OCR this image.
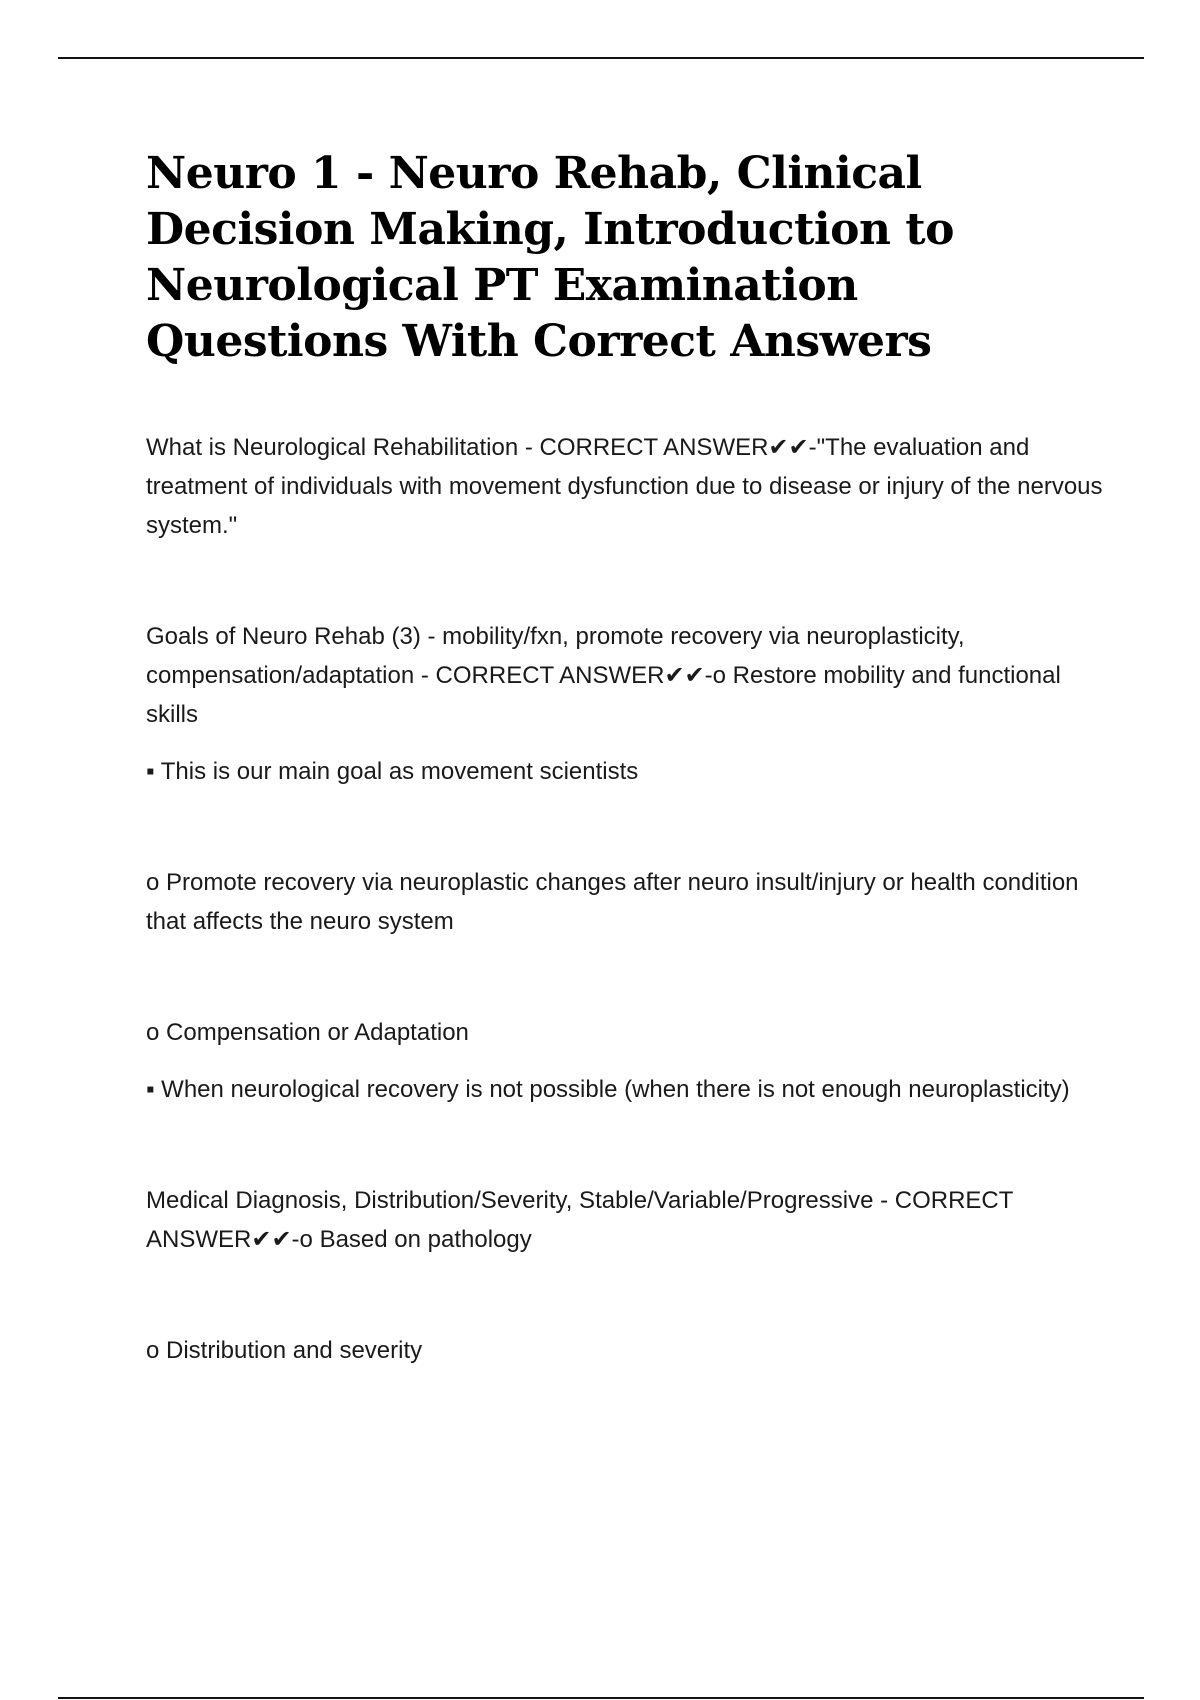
Neuro 1 - Neuro Rehab, Clinical Decision Making, Introduction to Neurological PT Examination Questions With Correct Answers

What is Neurological Rehabilitation - CORRECT ANSWER✔✔-"The evaluation and treatment of individuals with movement dysfunction due to disease or injury of the nervous system."

Goals of Neuro Rehab (3) - mobility/fxn, promote recovery via neuroplasticity, compensation/adaptation - CORRECT ANSWER✔✔-o Restore mobility and functional skills

▪ This is our main goal as movement scientists

o Promote recovery via neuroplastic changes after neuro insult/injury or health condition that affects the neuro system

o Compensation or Adaptation

▪ When neurological recovery is not possible (when there is not enough neuroplasticity)

Medical Diagnosis, Distribution/Severity, Stable/Variable/Progressive - CORRECT ANSWER✔✔-o Based on pathology

o Distribution and severity
